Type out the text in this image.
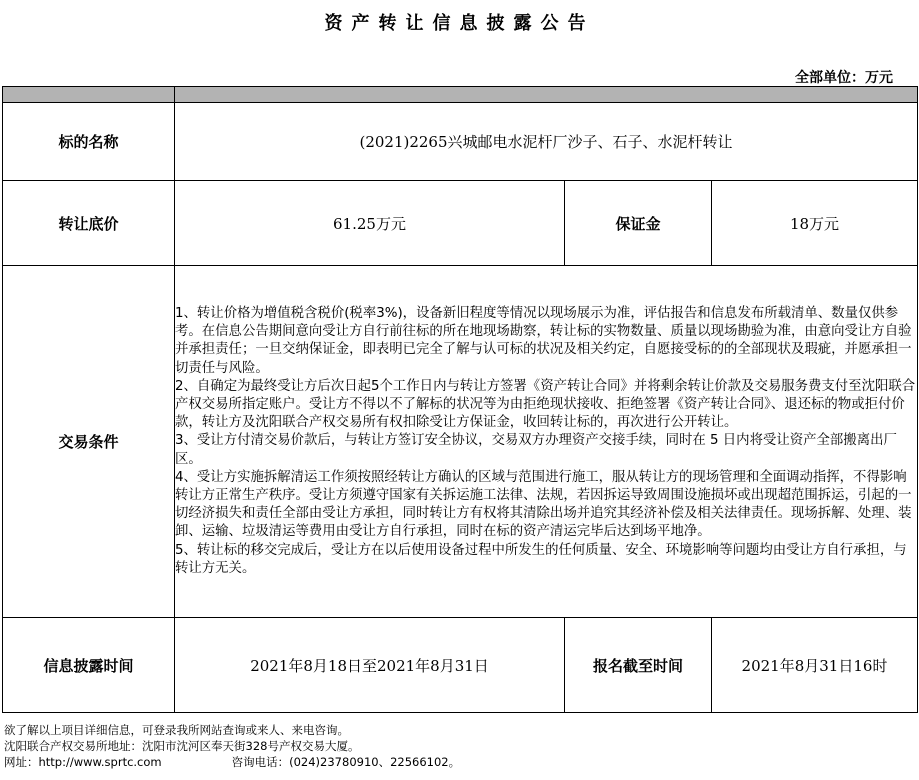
资产转让信息披露公告
全部单位：万元

标的名称	(2021)2265兴城邮电水泥杆厂沙子、石子、水泥杆转让		
转让底价	61.25万元	保证金	18万元
交易条件	1、转让价格为增值税含税价(税率3%)，设备新旧程度等情况以现场展示为准，评估报告和信息发布所载清单、数量仅供参考。在信息公告期间意向受让方自行前往标的所在地现场勘察，转让标的实物数量、质量以现场勘验为准，由意向受让方自验并承担责任；一旦交纳保证金，即表明已完全了解与认可标的状况及相关约定，自愿接受标的的全部现状及瑕疵，并愿承担一切责任与风险。

2、自确定为最终受让方后次日起5个工作日内与转让方签署《资产转让合同》并将剩余转让价款及交易服务费支付至沈阳联合产权交易所指定账户。受让方不得以不了解标的状况等为由拒绝现状接收、拒绝签署《资产转让合同》、退还标的物或拒付价款，转让方及沈阳联合产权交易所有权扣除受让方保证金，收回转让标的，再次进行公开转让。

3、受让方付清交易价款后，与转让方签订安全协议，交易双方办理资产交接手续，同时在 5 日内将受让资产全部搬离出厂区。

4、受让方实施拆解清运工作须按照经转让方确认的区域与范围进行施工，服从转让方的现场管理和全面调动指挥，不得影响转让方正常生产秩序。受让方须遵守国家有关拆运施工法律、法规，若因拆运导致周围设施损坏或出现超范围拆运，引起的一切经济损失和责任全部由受让方承担，同时转让方有权将其清除出场并追究其经济补偿及相关法律责任。现场拆解、处理、装卸、运输、垃圾清运等费用由受让方自行承担，同时在标的资产清运完毕后达到场平地净。

5、转让标的移交完成后，受让方在以后使用设备过程中所发生的任何质量、安全、环境影响等问题均由受让方自行承担，与转让方无关。		

信息披露时间	2021年8月18日至2021年8月31日	报名截至时间	2021年8月31日16时
欲了解以上项目详细信息，可登录我所网站查询或来人、来电咨询。
沈阳联合产权交易所地址：沈阳市沈河区奉天街328号产权交易大厦。
网址：http://www.sprtc.com	咨询电话：(024)23780910、22566102。
